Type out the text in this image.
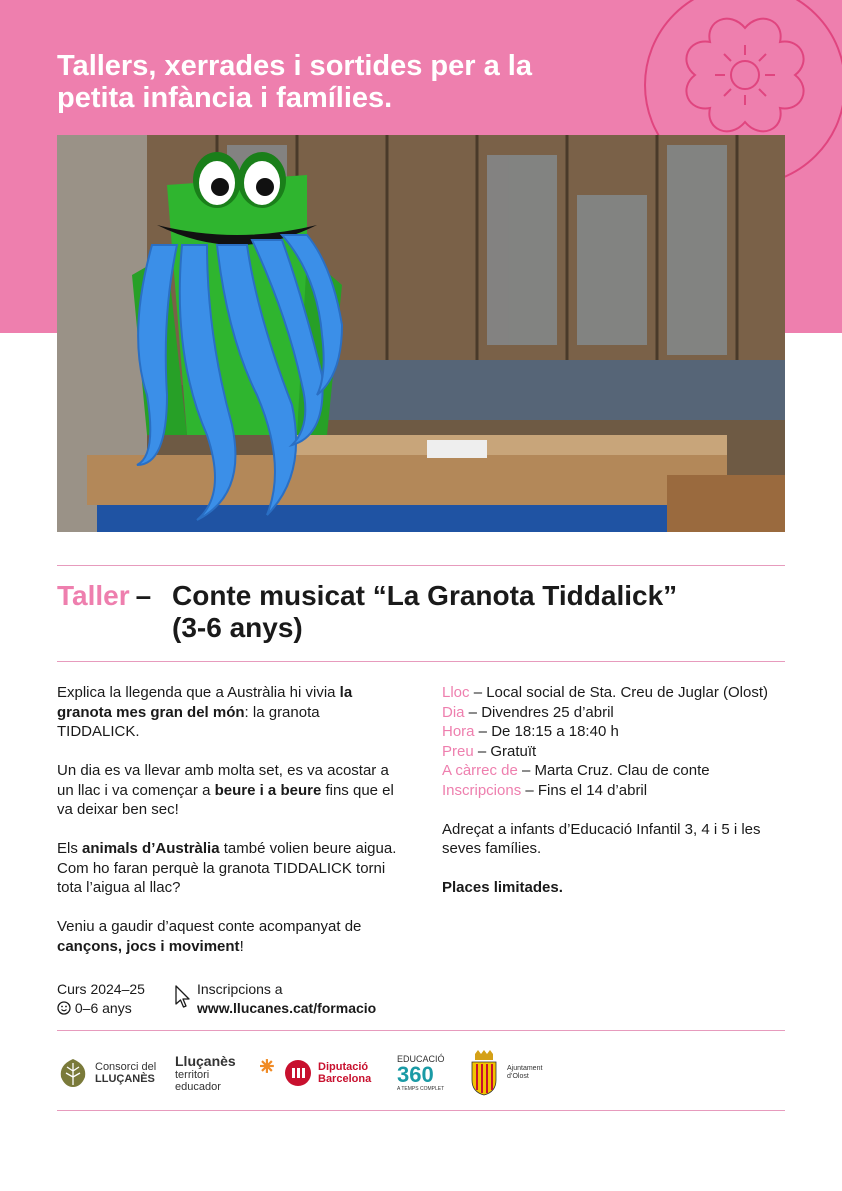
Tallers, xerrades i sortides per a la
petita infància i famílies.
Taller – Conte musicat “La Granota Tiddalick”
(3-6 anys)

Explica la llegenda que a Austràlia hi vivia la granota mes gran del món: la granota TIDDALICK.

Un dia es va llevar amb molta set, es va acostar a un llac i va començar a beure i a beure fins que el va deixar ben sec!

Els animals d’Austràlia també volien beure aigua. Com ho faran perquè la granota TIDDALICK torni tota l’aigua al llac?

Veniu a gaudir d’aquest conte acompanyat de cançons, jocs i moviment!

Lloc – Local social de Sta. Creu de Juglar (Olost)
Dia – Divendres 25 d’abril
Hora – De 18:15 a 18:40 h
Preu – Gratuït
A càrrec de – Marta Cruz. Clau de conte
Inscripcions – Fins el 14 d’abril

Adreçat a infants d’Educació Infantil 3, 4 i 5 i les seves famílies.

Places limitades.

Curs 2024–25
0–6 anys
Inscripcions a
www.llucanes.cat/formacio
Consorci del
LLUÇANÈS
Lluçanès
territori educador
Diputació
Barcelona
EDUCACIÓ
360
A TEMPS COMPLET
Ajuntament
d’Olost
